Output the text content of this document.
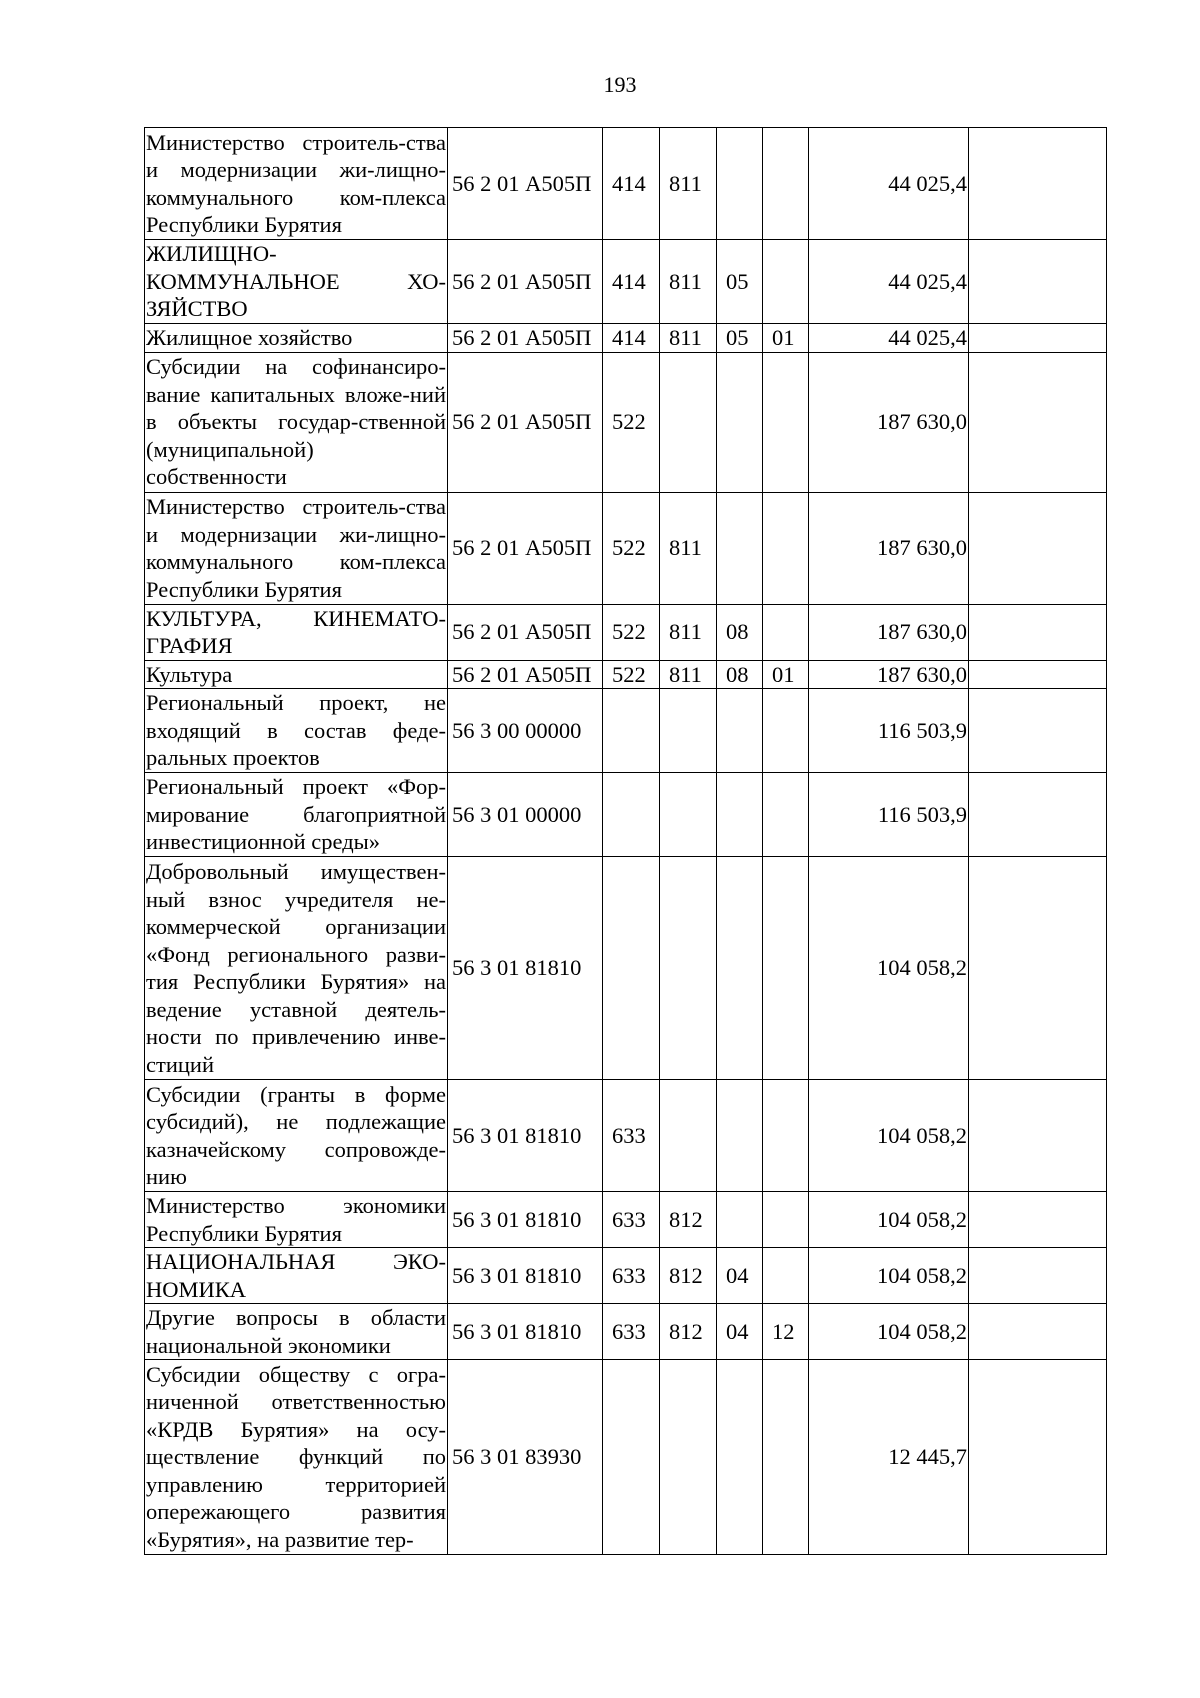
193
Министерство строитель-ства и модернизации жи-лищно-коммунального ком-плекса Республики Бурятия	56 2 01 А505П	414	811			44 025,4	
ЖИЛИЩНО-КОММУНАЛЬНОЕ ХО-ЗЯЙСТВО	56 2 01 А505П	414	811	05		44 025,4	
Жилищное хозяйство	56 2 01 А505П	414	811	05	01	44 025,4	
Субсидии на софинансиро-вание капитальных вложе-ний в объекты государ-ственной (муниципальной) собственности	56 2 01 А505П	522				187 630,0	
Министерство строитель-ства и модернизации жи-лищно-коммунального ком-плекса Республики Бурятия	56 2 01 А505П	522	811			187 630,0	
КУЛЬТУРА, КИНЕМАТО-ГРАФИЯ	56 2 01 А505П	522	811	08		187 630,0	
Культура	56 2 01 А505П	522	811	08	01	187 630,0	
Региональный проект, не входящий в состав феде-ральных проектов	56 3 00 00000					116 503,9	
Региональный проект «Фор-мирование благоприятной инвестиционной среды»	56 3 01 00000					116 503,9	
Добровольный имуществен-ный взнос учредителя не-коммерческой организации «Фонд регионального разви-тия Республики Бурятия» на ведение уставной деятель-ности по привлечению инве-стиций	56 3 01 81810					104 058,2	
Субсидии (гранты в форме субсидий), не подлежащие казначейскому сопровожде-нию	56 3 01 81810	633				104 058,2	
Министерство экономики Республики Бурятия	56 3 01 81810	633	812			104 058,2	
НАЦИОНАЛЬНАЯ ЭКО-НОМИКА	56 3 01 81810	633	812	04		104 058,2	
Другие вопросы в области национальной экономики	56 3 01 81810	633	812	04	12	104 058,2	
Субсидии обществу с огра-ниченной ответственностью «КРДВ Бурятия» на осу-ществление функций по управлению территорией опережающего развития «Бурятия», на развитие тер-	56 3 01 83930					12 445,7	
